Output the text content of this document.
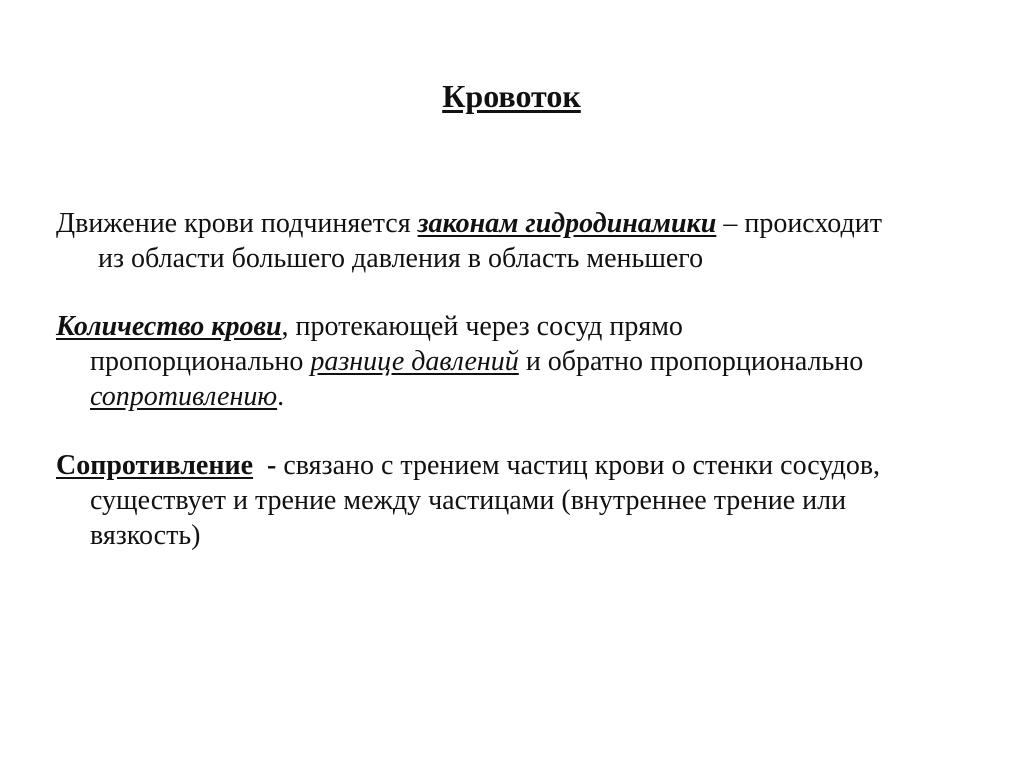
Кровоток

Движение крови подчиняется законам гидродинамики – происходит
из области большего давления в область меньшего

Количество крови, протекающей через сосуд прямо
пропорционально разнице давлений и обратно пропорционально
сопротивлению.

Сопротивление  - связано с трением частиц крови о стенки сосудов,
существует и трение между частицами (внутреннее трение или
вязкость)
